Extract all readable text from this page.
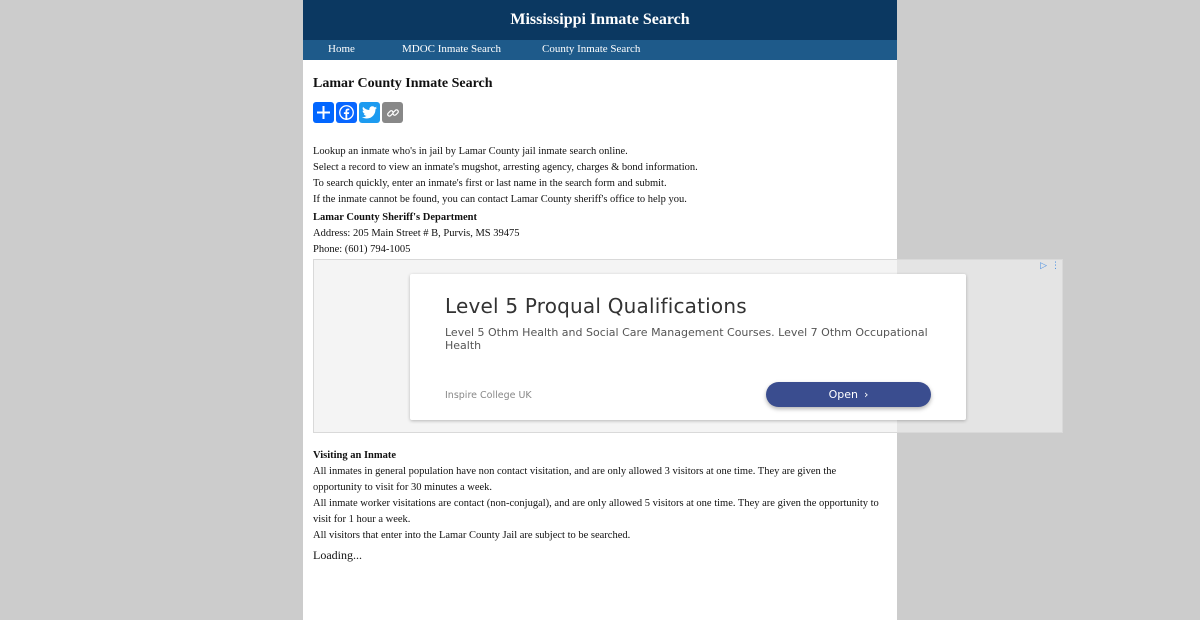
Mississippi Inmate Search
Home	MDOC Inmate Search	County Inmate Search
Lamar County Inmate Search

Lookup an inmate who's in jail by Lamar County jail inmate search online.

Select a record to view an inmate's mugshot, arresting agency, charges & bond information.

To search quickly, enter an inmate's first or last name in the search form and submit.

If the inmate cannot be found, you can contact Lamar County sheriff's office to help you.

Lamar County Sheriff's Department

Address: 205 Main Street # B, Purvis, MS 39475

Phone: (601) 794-1005

Visiting an Inmate

All inmates in general population have non contact visitation, and are only allowed 3 visitors at one time. They are given the opportunity to visit for 30 minutes a week.

All inmate worker visitations are contact (non-conjugal), and are only allowed 5 visitors at one time. They are given the opportunity to visit for 1 hour a week.

All visitors that enter into the Lamar County Jail are subject to be searched.

Loading...
▷ ⋮
Level 5 Proqual Qualifications
Level 5 Othm Health and Social Care Management Courses. Level 7 Othm Occupational Health
Inspire College UK	Open ›
